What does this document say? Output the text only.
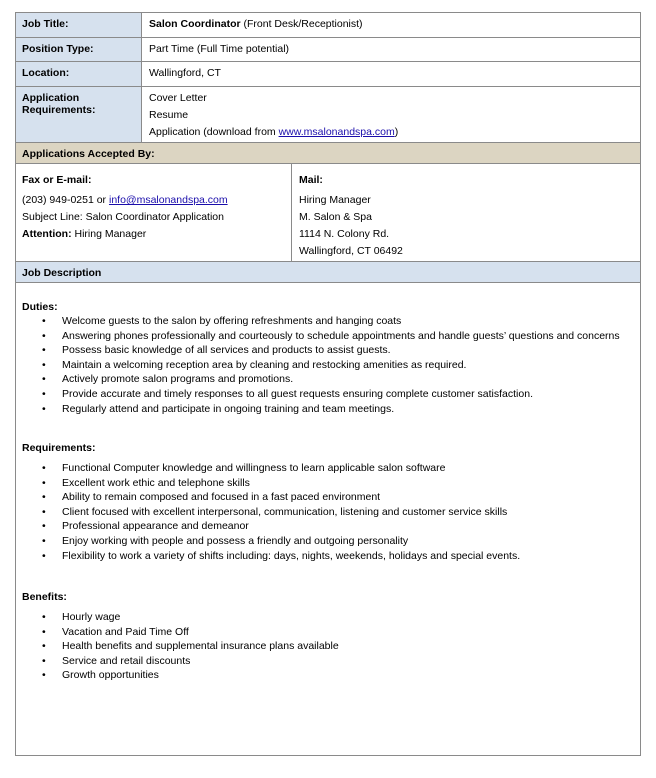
Job Title:	Salon Coordinator (Front Desk/Receptionist)
Position Type:	Part Time (Full Time potential)
Location:	Wallingford, CT
Application Requirements:
Cover Letter
Resume
Application (download from www.msalonandspa.com)
Applications Accepted By:
Fax or E-mail:
(203) 949-0251 or info@msalonandspa.com
Subject Line: Salon Coordinator Application
Attention: Hiring Manager
Mail:
Hiring Manager
M. Salon & Spa
1114 N. Colony Rd.
Wallingford, CT 06492
Job Description
Duties:
• Welcome guests to the salon by offering refreshments and hanging coats
• Answering phones professionally and courteously to schedule appointments and handle guests’ questions and concerns
• Possess basic knowledge of all services and products to assist guests.
• Maintain a welcoming reception area by cleaning and restocking amenities as required.
• Actively promote salon programs and promotions.
• Provide accurate and timely responses to all guest requests ensuring complete customer satisfaction.
• Regularly attend and participate in ongoing training and team meetings.
Requirements:
• Functional Computer knowledge and willingness to learn applicable salon software
• Excellent work ethic and telephone skills
• Ability to remain composed and focused in a fast paced environment
• Client focused with excellent interpersonal, communication, listening and customer service skills
• Professional appearance and demeanor
• Enjoy working with people and possess a friendly and outgoing personality
• Flexibility to work a variety of shifts including: days, nights, weekends, holidays and special events.
Benefits:
• Hourly wage
• Vacation and Paid Time Off
• Health benefits and supplemental insurance plans available
• Service and retail discounts
• Growth opportunities
